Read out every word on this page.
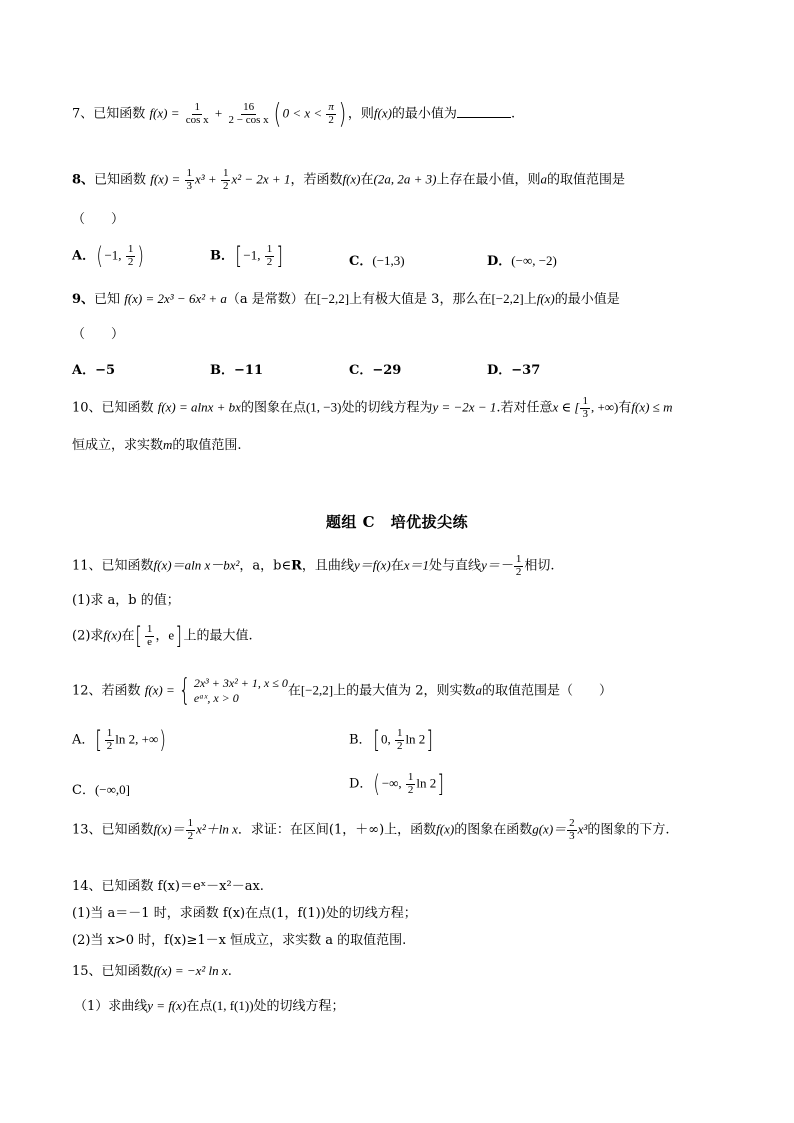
7、已知函数 $f(x) = \frac{1}{\text{cos x}} + \frac{16}{\text{2 − cos x}}$ ( $0 < x < \frac{\pi}{2}$ ) ，则f(x)的最小值为	.
8、已知函数 $f(x) = \frac{1}{3} x^3 + \frac{1}{2} x^2 - 2x + 1$，若函数f(x)在(2a, 2a + 3)上存在最小值，则a的取值范围是
（　　）
A．(−1, $\frac{1}{2}$ )	B．[−1, $\frac{1}{2}$ ]	C．(−1,3)	D．(−∞, −2)
9、已知 f(x) = 2x³ − 6x² + a（a 是常数）在[−2,2]上有极大值是 3，那么在[−2,2]上f(x)的最小值是
（　　）
A．−5	B．−11	C．−29	D．−37
10、已知函数 f(x) = alnx + bx的图象在点(1, −3)处的切线方程为y = −2x − 1.若对任意x ∈ [ $\frac{1}{3}$ , +∞)有f(x) ≤ m
恒成立，求实数m的取值范围.
题组 C　培优拔尖练
11、已知函数f(x)＝aln x－bx²，a，b∈R，且曲线y＝f(x)在x＝1处与直线$y=- \frac{1}{2}$ 相切.
(1)求 a，b 的值；
(2)求f(x)在[ $\frac{1}{e}$ ，e]上的最大值.
12、若函数 f(x) = { 2x³ + 3x² + 1, x ≤ 0
eᵃˣ, x > 0	在[−2,2]上的最大值为 2，则实数a的取值范围是（　　）
A．[ $\frac{1}{2}$ ln 2, +∞)	B．[0, $\frac{1}{2}$ ln 2]
C．(−∞,0]	D．(−∞, $\frac{1}{2}$ ln 2]
13、已知函数$f(x)= \frac{1}{2} x^2+\ln$ x．求证：在区间(1，＋∞)上，函数f(x)的图象在函数$g(x)= \frac{2}{3} x^3$的图象的下方.
14、已知函数 f(x)＝eˣ－x²－ax.
(1)当 a＝－1 时，求函数 f(x)在点(1，f(1))处的切线方程；
(2)当 x>0 时，f(x)≥1－x 恒成立，求实数 a 的取值范围.
15、已知函数f(x) = −x² ln x.
（1）求曲线y = f(x)在点(1, f(1))处的切线方程；
